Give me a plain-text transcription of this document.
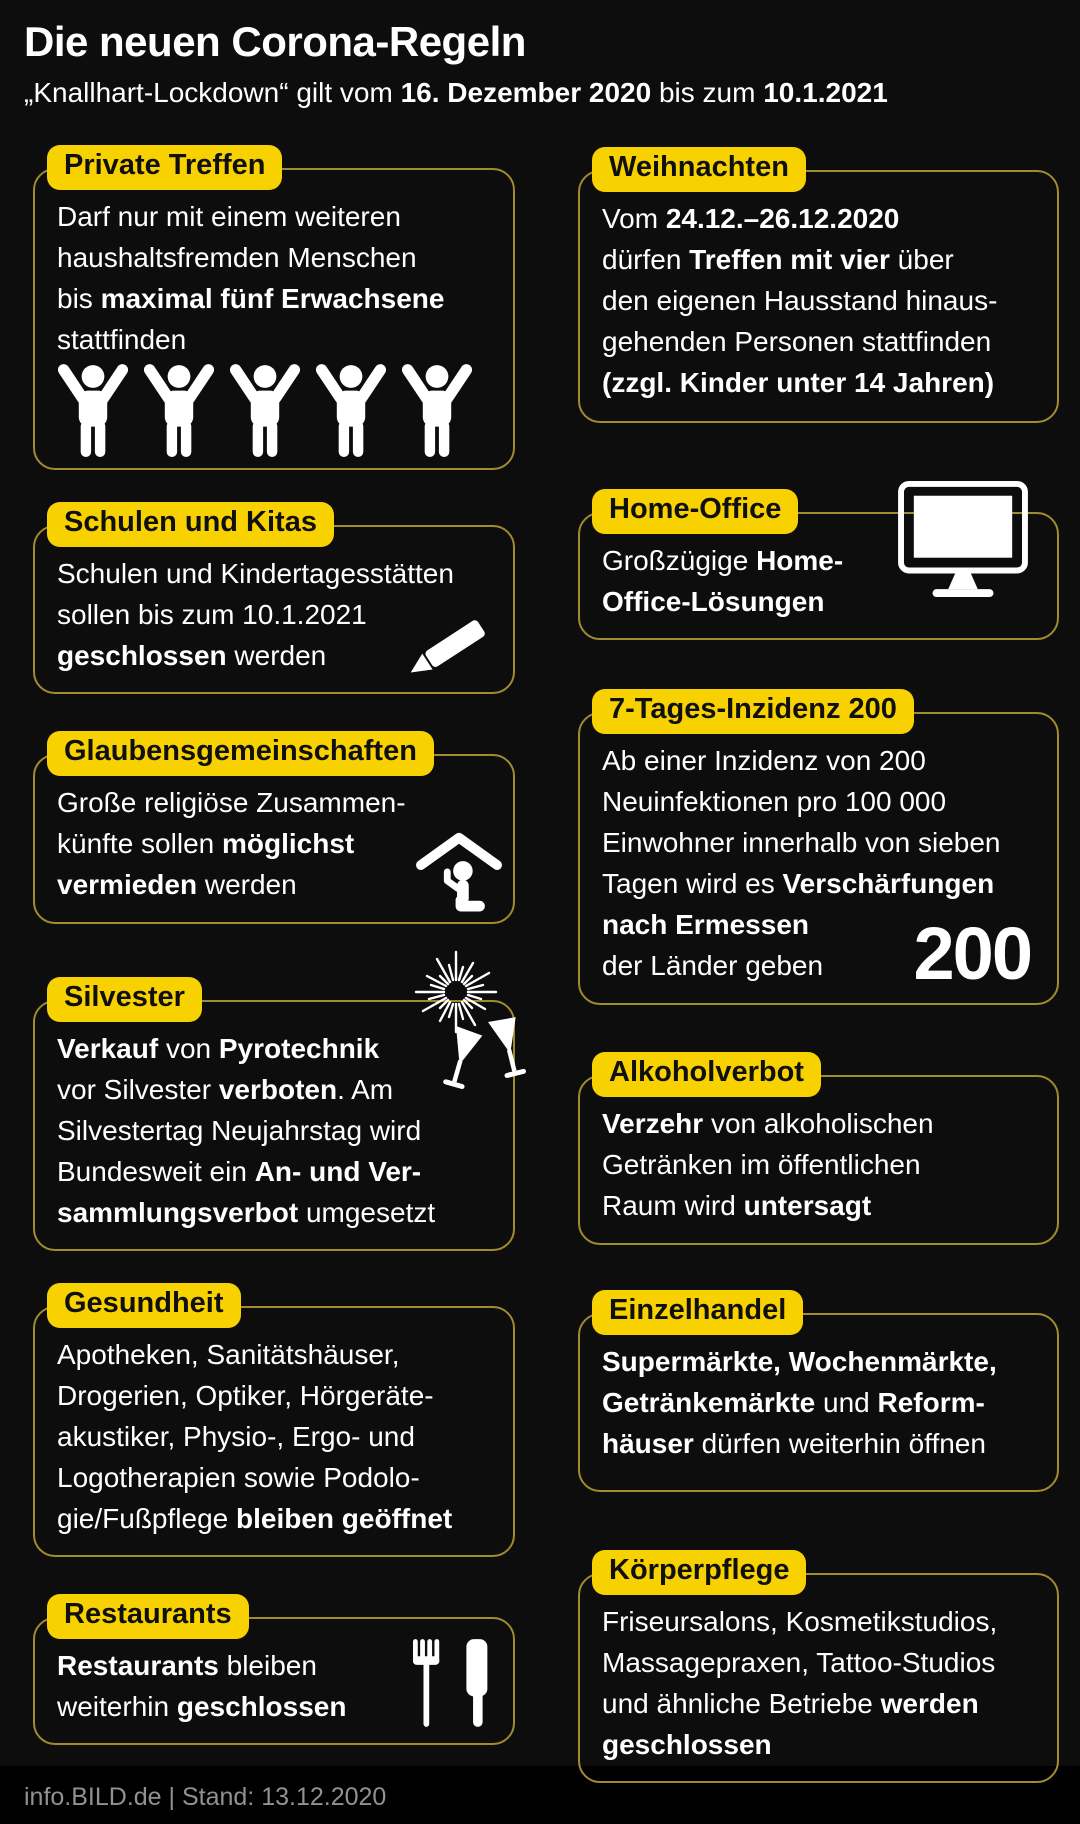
Die neuen Corona-Regeln

„Knallhart-Lockdown“ gilt vom 16. Dezember 2020 bis zum 10.1.2021

Private Treffen
Darf nur mit einem weiteren
haushaltsfremden Menschen
bis maximal fünf Erwachsene
stattfinden
Schulen und Kitas
Schulen und Kindertagesstätten
sollen bis zum 10.1.2021
geschlossen werden
Glaubensgemeinschaften
Große religiöse Zusammen-
künfte sollen möglichst
vermieden werden
Silvester
Verkauf von Pyrotechnik
vor Silvester verboten. Am
Silvestertag Neujahrstag wird
Bundesweit ein An- und Ver-
sammlungsverbot umgesetzt
Gesundheit
Apotheken, Sanitätshäuser,
Drogerien, Optiker, Hörgeräte-
akustiker, Physio-, Ergo- und
Logotherapien sowie Podolo-
gie/Fußpflege bleiben geöffnet
Restaurants
Restaurants bleiben
weiterhin geschlossen
Weihnachten
Vom 24.12.–26.12.2020
dürfen Treffen mit vier über
den eigenen Hausstand hinaus-
gehenden Personen stattfinden
(zzgl. Kinder unter 14 Jahren)
Home-Office
Großzügige Home-
Office-Lösungen
7-Tages-Inzidenz 200
Ab einer Inzidenz von 200
Neuinfektionen pro 100 000
Einwohner innerhalb von sieben
Tagen wird es Verschärfungen
nach Ermessen
der Länder geben	200
Alkoholverbot
Verzehr von alkoholischen
Getränken im öffentlichen
Raum wird untersagt
Einzelhandel
Supermärkte, Wochenmärkte,
Getränkemärkte und Reform-
häuser dürfen weiterhin öffnen
Körperpflege
Friseursalons, Kosmetikstudios,
Massagepraxen, Tattoo-Studios
und ähnliche Betriebe werden
geschlossen
info.BILD.de | Stand: 13.12.2020
